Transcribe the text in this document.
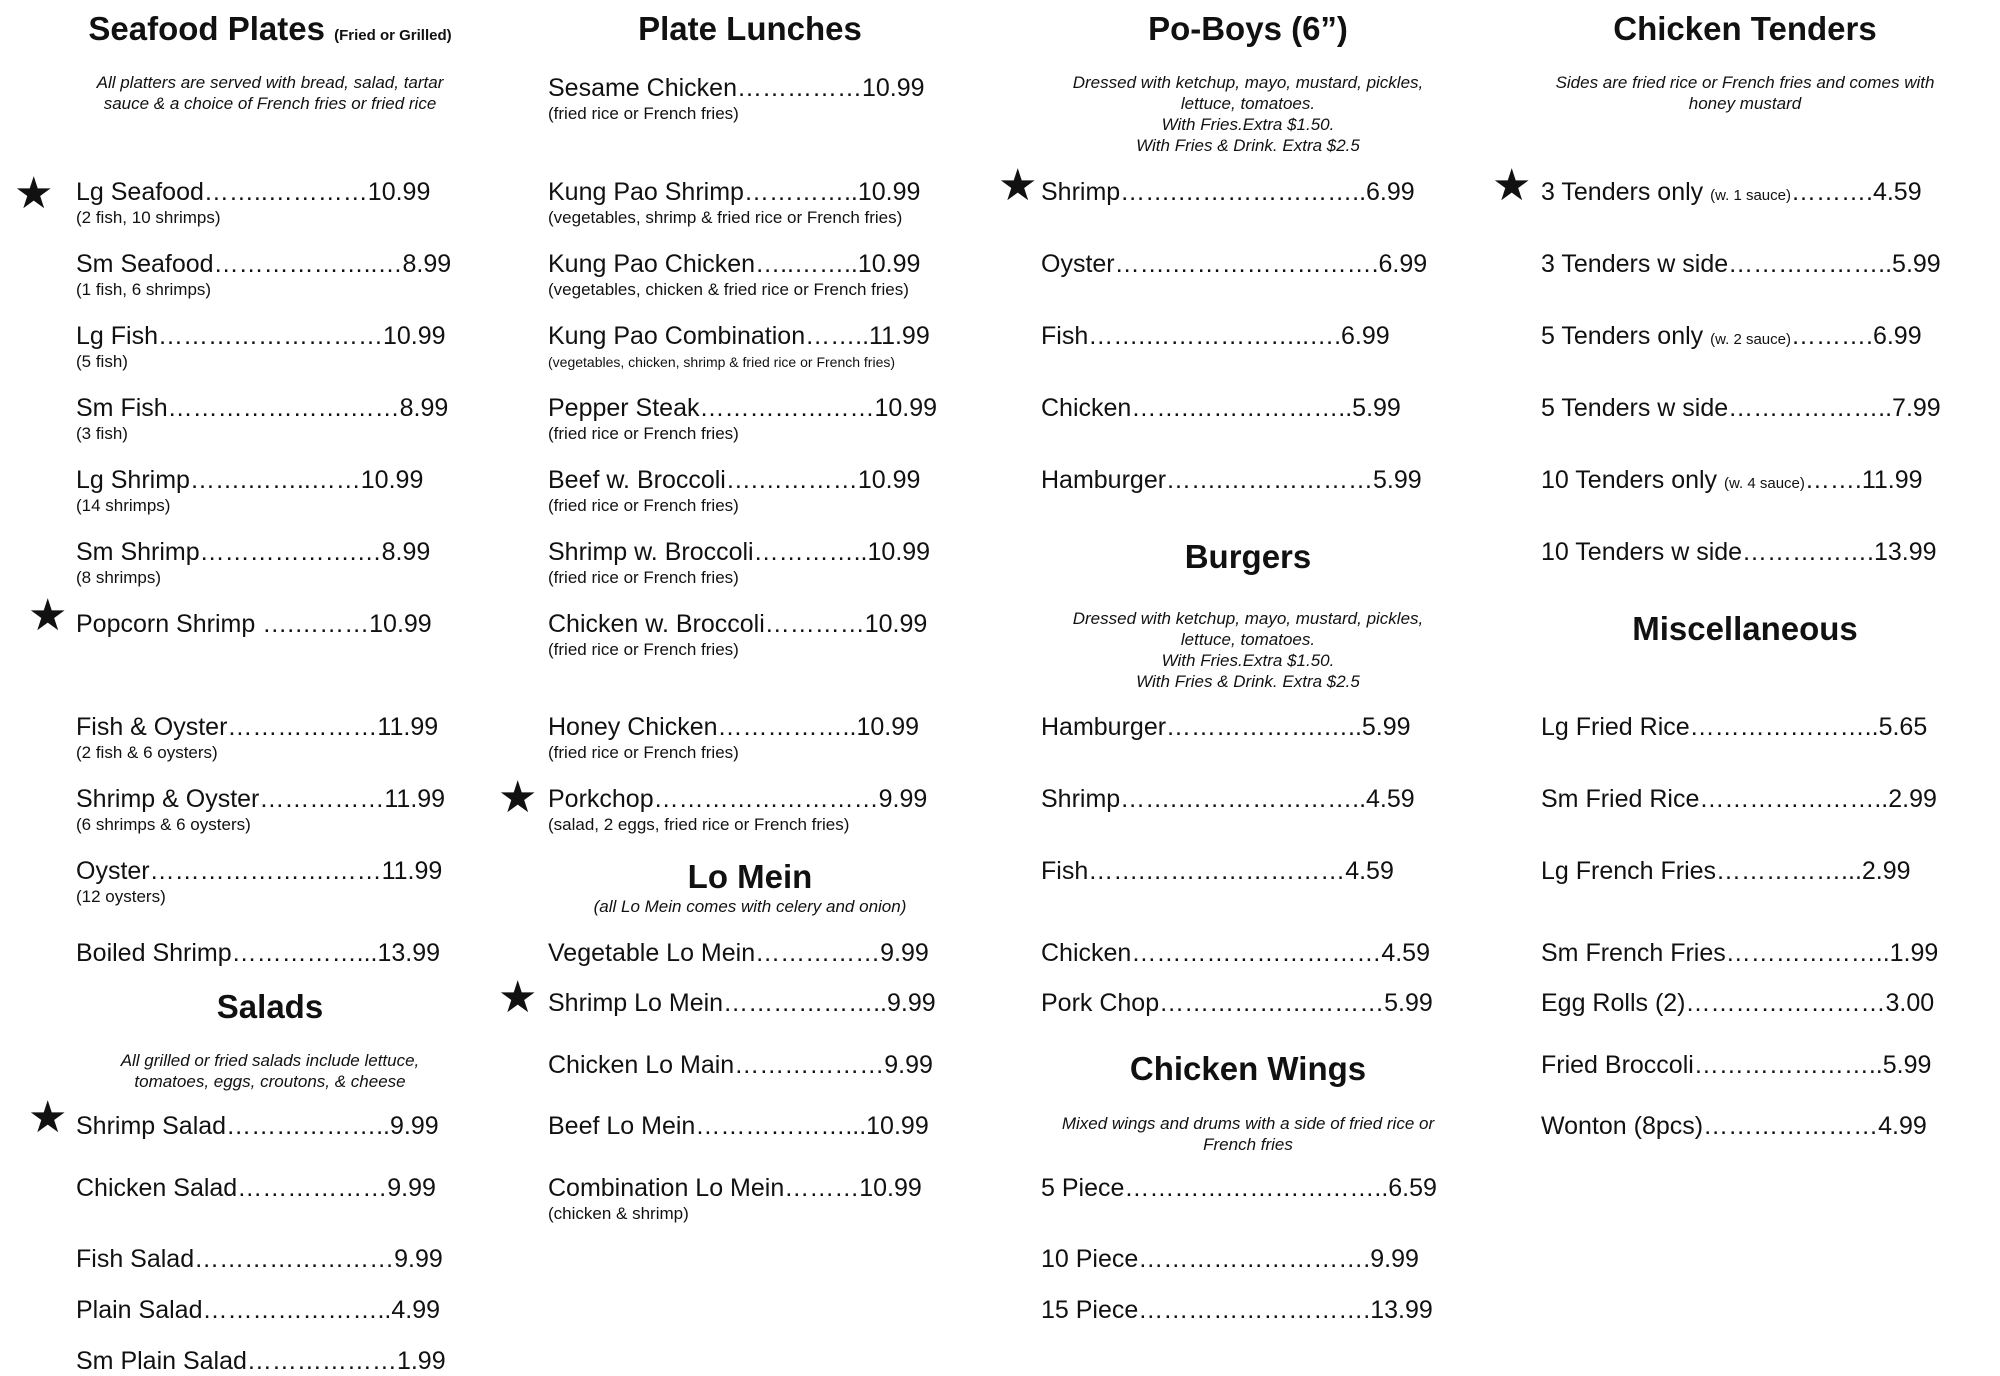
Seafood Plates (Fried or Grilled)
All platters are served with bread, salad, tartar
sauce & a choice of French fries or fried rice
★ Lg Seafood……..…………10.99
(2 fish, 10 shrimps)
Sm Seafood………………..…8.99
(1 fish, 6 shrimps)
Lg Fish………………………10.99
(5 fish)
Sm Fish………………….……8.99
(3 fish)
Lg Shrimp…….……..……10.99
(14 shrimps)
Sm Shrimp……………….…8.99
(8 shrimps)
★ Popcorn Shrimp ….………10.99
Fish & Oyster………………11.99
(2 fish & 6 oysters)
Shrimp & Oyster……………11.99
(6 shrimps & 6 oysters)
Oyster………………….……11.99
(12 oysters)
Boiled Shrimp……………...13.99
Salads
All grilled or fried salads include lettuce,
tomatoes, eggs, croutons, & cheese
★ Shrimp Salad………………..9.99
Chicken Salad………………9.99
Fish Salad……………………9.99
Plain Salad…………………..4.99
Sm Plain Salad………………1.99
Plate Lunches
Sesame Chicken……………10.99
(fried rice or French fries)
Kung Pao Shrimp…………..10.99
(vegetables, shrimp & fried rice or French fries)
Kung Pao Chicken…..……..10.99
(vegetables, chicken & fried rice or French fries)
Kung Pao Combination……..11.99
(vegetables, chicken, shrimp & fried rice or French fries)
Pepper Steak…………………10.99
(fried rice or French fries)
Beef w. Broccoli….…………10.99
(fried rice or French fries)
Shrimp w. Broccoli…………..10.99
(fried rice or French fries)
Chicken w. Broccoli…………10.99
(fried rice or French fries)
Honey Chicken……………..10.99
(fried rice or French fries)
★ Porkchop………………………9.99
(salad, 2 eggs, fried rice or French fries)
Lo Mein
(all Lo Mein comes with celery and onion)
Vegetable Lo Mein……………9.99
★ Shrimp Lo Mein………………..9.99
Chicken Lo Main………………9.99
Beef Lo Mein………………...10.99
Combination Lo Mein………10.99
(chicken & shrimp)
Po-Boys (6”)
Dressed with ketchup, mayo, mustard, pickles,
lettuce, tomatoes.
With Fries.Extra $1.50.
With Fries & Drink. Extra $2.5
★ Shrimp…….…………………..6.99
Oyster…….…………………….6.99
Fish…….………………..….6.99
Chicken…….………………..5.99
Hamburger…….………………5.99
Burgers
Dressed with ketchup, mayo, mustard, pickles,
lettuce, tomatoes.
With Fries.Extra $1.50.
With Fries & Drink. Extra $2.5
Hamburger……………….…..5.99
Shrimp…….…………………..4.59
Fish…….……………………4.59
Chicken…………………………4.59
Pork Chop………………………5.99
Chicken Wings
Mixed wings and drums with a side of fried rice or
French fries
5 Piece…………………………..6.59
10 Piece……………………….9.99
15 Piece……………………….13.99
Chicken Tenders
Sides are fried rice or French fries and comes with
honey mustard
★ 3 Tenders only (w. 1 sauce)……….4.59
3 Tenders w side………………..5.99
5 Tenders only (w. 2 sauce)……….6.99
5 Tenders w side………………..7.99
10 Tenders only (w. 4 sauce)…….11.99
10 Tenders w side…………….13.99
Miscellaneous
Lg Fried Rice…………………..5.65
Sm Fried Rice…………………..2.99
Lg French Fries……………...2.99
Sm French Fries………………..1.99
Egg Rolls (2)……………………3.00
Fried Broccoli…………………..5.99
Wonton (8pcs)…………………4.99
